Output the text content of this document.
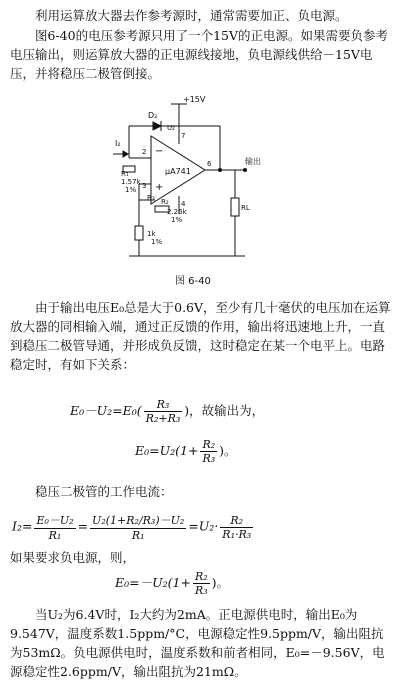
利用运算放大器去作参考源时，通常需要加正、负电源。

图6-40的电压参考源只用了一个15V的正电源。如果需要负参考电压输出，则运算放大器的正电源线接地，负电源线供给－15V电压，并将稳压二极管倒接。

+15V
D₂
U₂
I₂
R₁
1.57k
1%
−
+
μA741
2
3
7
4
6	输出
RL
R₃
2.26k
1%
R₂
1k
1%
图 6-40

由于输出电压E₀总是大于0.6V，至少有几十毫伏的电压加在运算放大器的同相输入端，通过正反馈的作用，输出将迅速地上升，一直到稳压二极管导通，并形成负反馈，这时稳定在某一个电平上。电路稳定时，有如下关系：

$E_0-U_2=E_0( \frac{\text{R₃}}{\text{R₂+R₃}}$ )，故输出为，
$E_0=U_2(1+ \frac{\text{R₂}}{\text{R₃}}$ )。

稳压二极管的工作电流：

$I_2= \frac{\text{E₀－U₂}}{\text{R₁}} = \frac{\text{U₂(1+R₂/R₃)－U₂}}{\text{R₁}} =U_2\cdot \frac{\text{R₂}}{\text{R₁·R₃}}$

如果要求负电源，则，

$E_0=-U_2(1+ \frac{\text{R₂}}{\text{R₃}}$ )。

当U₂为6.4V时，I₂大约为2mA。正电源供电时，输出E₀为9.547V，温度系数1.5ppm/°C，电源稳定性9.5ppm/V，输出阻抗为53mΩ。负电源供电时，温度系数和前者相同，E₀=－9.56V，电源稳定性2.6ppm/V，输出阻抗为21mΩ。
